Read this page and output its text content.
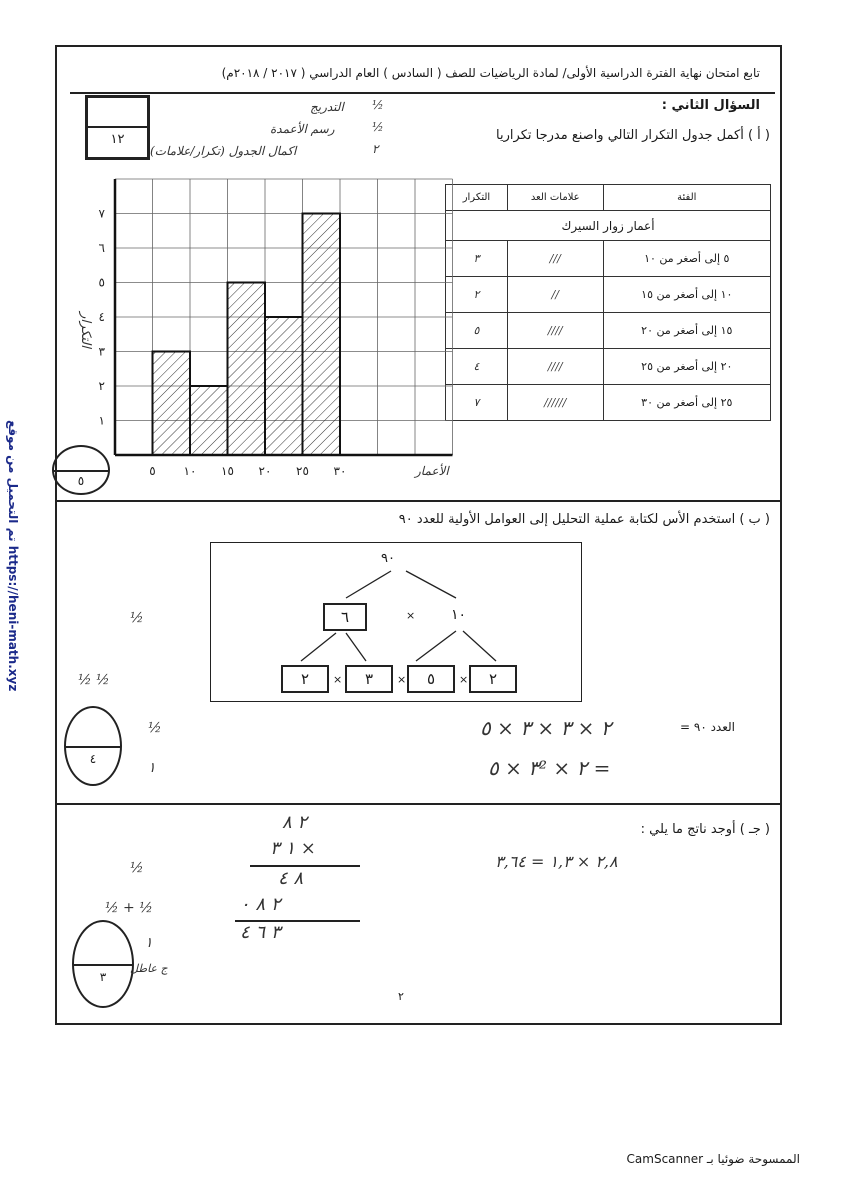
تابع امتحان نهاية الفترة الدراسية الأولى/ لمادة الرياضيات للصف ( السادس ) العام الدراسي ( ٢٠١٧ / ٢٠١٨م)
١٢
السؤال الثاني :
( أ ) أكمل جدول التكرار التالي واصنع مدرجا تكراريا
التدريج
رسم الأعمدة
اكمال الجدول (تكرار/علامات)
½
½
٢
أعمار زوار السيرك		
الفئة	علامات العد	التكرار
٥ إلى أصغر من ١٠	///	٣
١٠ إلى أصغر من ١٥	//	٢
١٥ إلى أصغر من ٢٠	////	٥
٢٠ إلى أصغر من ٢٥	////	٤
٢٥ إلى أصغر من ٣٠	//////	٧
٥ ١٠ ١٥ ٢٠ ٢٥ ٣٠
١
٢
٣
٤
٥
٦
٧
التكرار
الأعمار
٥
( ب ) استخدم الأس لكتابة عملية التحليل إلى العوامل الأولية للعدد ٩٠
٩٠
٦	×	١٠
٢	×	٣	×	٥	×	٢
العدد ٩٠ =
٢ × ٣ × ٣ × ٥
= ٢ × ٣² × ٥
½
½ ½
½
١
٤
( جـ ) أوجد ناتج ما يلي :
٢,٨ × ١,٣ = ٣,٦٤
٢ ٨
× ١ ٣
٨ ٤
٢ ٨ ٠
٣ ٦ ٤
½
½ + ½
١
٣
ج عاطل
٢
تم التحميل من موقع https://heni-math.xyz
الممسوحة ضوئيا بـ CamScanner
